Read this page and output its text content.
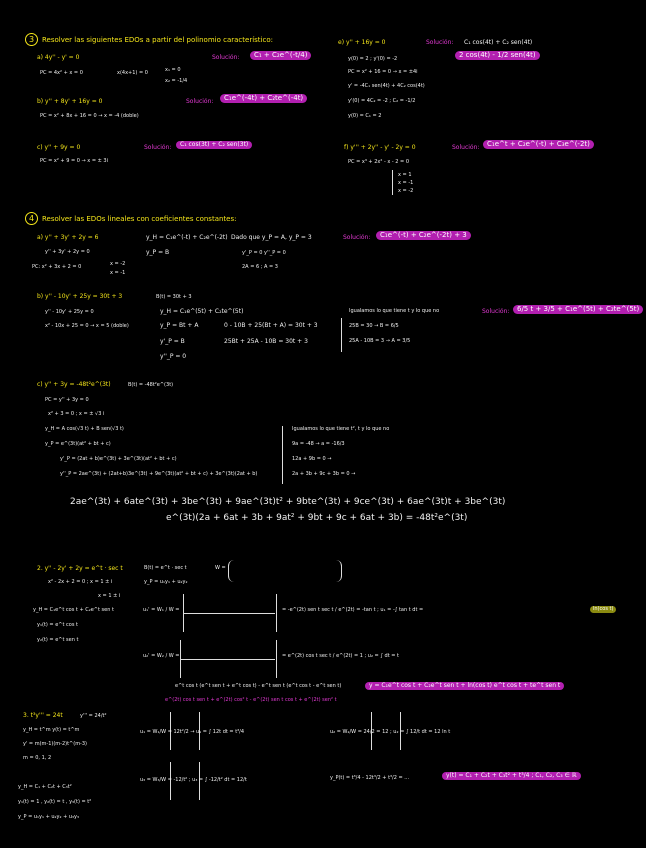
3	Resolver las siguientes EDOs a partir del polinomio característico:
a) 4y'' - y' = 0	Solución:	C₁ + C₂e^(-t/4)
PC = 4x² + x = 0	x(4x+1) = 0	x₁ = 0
x₂ = -1/4
b) y'' + 8y' + 16y = 0	Solución:	C₁e^(-4t) + C₂te^(-4t)
PC = x² + 8x + 16 = 0 → x = -4 (doble)
c) y'' + 9y = 0	Solución:	C₁ cos(3t) + C₂ sen(3t)
PC = x² + 9 = 0 → x = ± 3i
e) y'' + 16y = 0	Solución: C₁ cos(4t) + C₂ sen(4t)
2 cos(4t) - 1/2 sen(4t)
y(0) = 2 ; y'(0) = -2
PC = x² + 16 = 0 → x = ±4i
y' = -4C₁ sen(4t) + 4C₂ cos(4t)
y'(0) = 4C₂ = -2 ; C₂ = -1/2
y(0) = C₁ = 2
f) y''' + 2y'' - y' - 2y = 0	Solución:	C₁e^t + C₂e^(-t) + C₃e^(-2t)
PC = x³ + 2x² - x - 2 = 0
x = 1
x = -1
x = -2
4	Resolver las EDOs lineales con coeficientes constantes:
a) y'' + 3y' + 2y = 6
y'' + 3y' + 2y = 0
PC: x² + 3x + 2 = 0	x = -2
x = -1
y_H = C₁e^(-t) + C₂e^(-2t)
y_P = B
Dado que y_P = A, y_P = 3
y'_P = 0 y''_P = 0
2A = 6 ; A = 3
Solución:	C₁e^(-t) + C₂e^(-2t) + 3
b) y'' - 10y' + 25y = 30t + 3	B(t) = 30t + 3
y'' - 10y' + 25y = 0
x² - 10x + 25 = 0 → x = 5 (doble)
y_H = C₁e^(5t) + C₂te^(5t)
y_P = Bt + A
y'_P = B
y''_P = 0
0 - 10B + 25(Bt + A) = 30t + 3
25Bt + 25A - 10B = 30t + 3
Igualamos lo que tiene t y lo que no
25B = 30 → B = 6/5
25A - 10B = 3 → A = 3/5
Solución:	6/5 t + 3/5 + C₁e^(5t) + C₂te^(5t)
c) y'' + 3y = -48t²e^(3t)	B(t) = -48t²e^(3t)
PC = y'' + 3y = 0
x² + 3 = 0 ; x = ± √3 i
y_H = A cos(√3 t) + B sen(√3 t)
y_P = e^(3t)(at² + bt + c)
y'_P = (2at + b)e^(3t) + 3e^(3t)(at² + bt + c)
y''_P = 2ae^(3t) + (2at+b)3e^(3t) + 9e^(3t)(at² + bt + c) + 3e^(3t)(2at + b)
Igualamos lo que tiene t², t y lo que no
9a = -48 → a = -16/3
12a + 9b = 0 →
2a + 3b + 9c + 3b = 0 →
2ae^(3t) + 6ate^(3t) + 3be^(3t) + 9ae^(3t)t² + 9bte^(3t) + 9ce^(3t) + 6ae^(3t)t + 3be^(3t)
e^(3t)(2a + 6at + 3b + 9at² + 9bt + 9c + 6at + 3b) = -48t²e^(3t)
2. y'' - 2y' + 2y = e^t · sec t	B(t) = e^t · sec t	W =
x² - 2x + 2 = 0 ; x = 1 ± i	y_P = u₁y₁ + u₂y₂
x = 1 ± i
y_H = C₁e^t cos t + C₂e^t sen t
y₁(t) = e^t cos t
y₂(t) = e^t sen t
u₁' = W₁ / W =	= -e^(2t) sen t sec t / e^(2t) = -tan t ; u₁ = -∫ tan t dt =	ln(cos t)
u₂' = W₂ / W =	= e^(2t) cos t sec t / e^(2t) = 1 ; u₂ = ∫ dt = t
e^t cos t (e^t sen t + e^t cos t) - e^t sen t (e^t cos t - e^t sen t)
e^(2t) cos t sen t + e^(2t) cos² t - e^(2t) sen t cos t + e^(2t) sen² t
y = C₁e^t cos t + C₂e^t sen t + ln(cos t) e^t cos t + te^t sen t
3. t³y''' = 24t	y''' = 24/t²
y_H = t^m y(t) = t^m
y' = m(m-1)(m-2)t^(m-3)
m = 0, 1, 2
y_H = C₁ + C₂t + C₃t²
y₁(t) = 1 , y₂(t) = t , y₃(t) = t²
y_P = u₁y₁ + u₂y₂ + u₃y₃
u₁ = W₁/W = 12t²/2 → u₁ = ∫ 12t dt = t³/4	u₂ = W₂/W = 24/2 = 12 ; u₂ = ∫ 12/t dt = 12 ln t
u₃ = W₃/W = -12/t² ; u₃ = ∫ -12/t² dt = 12/t	y_P(t) = t³/4 - 12t³/2 + t³/2 = ...	y(t) = C₁ + C₂t + C₃t² + t³/4 ; C₁, C₂, C₃ ∈ ℝ
